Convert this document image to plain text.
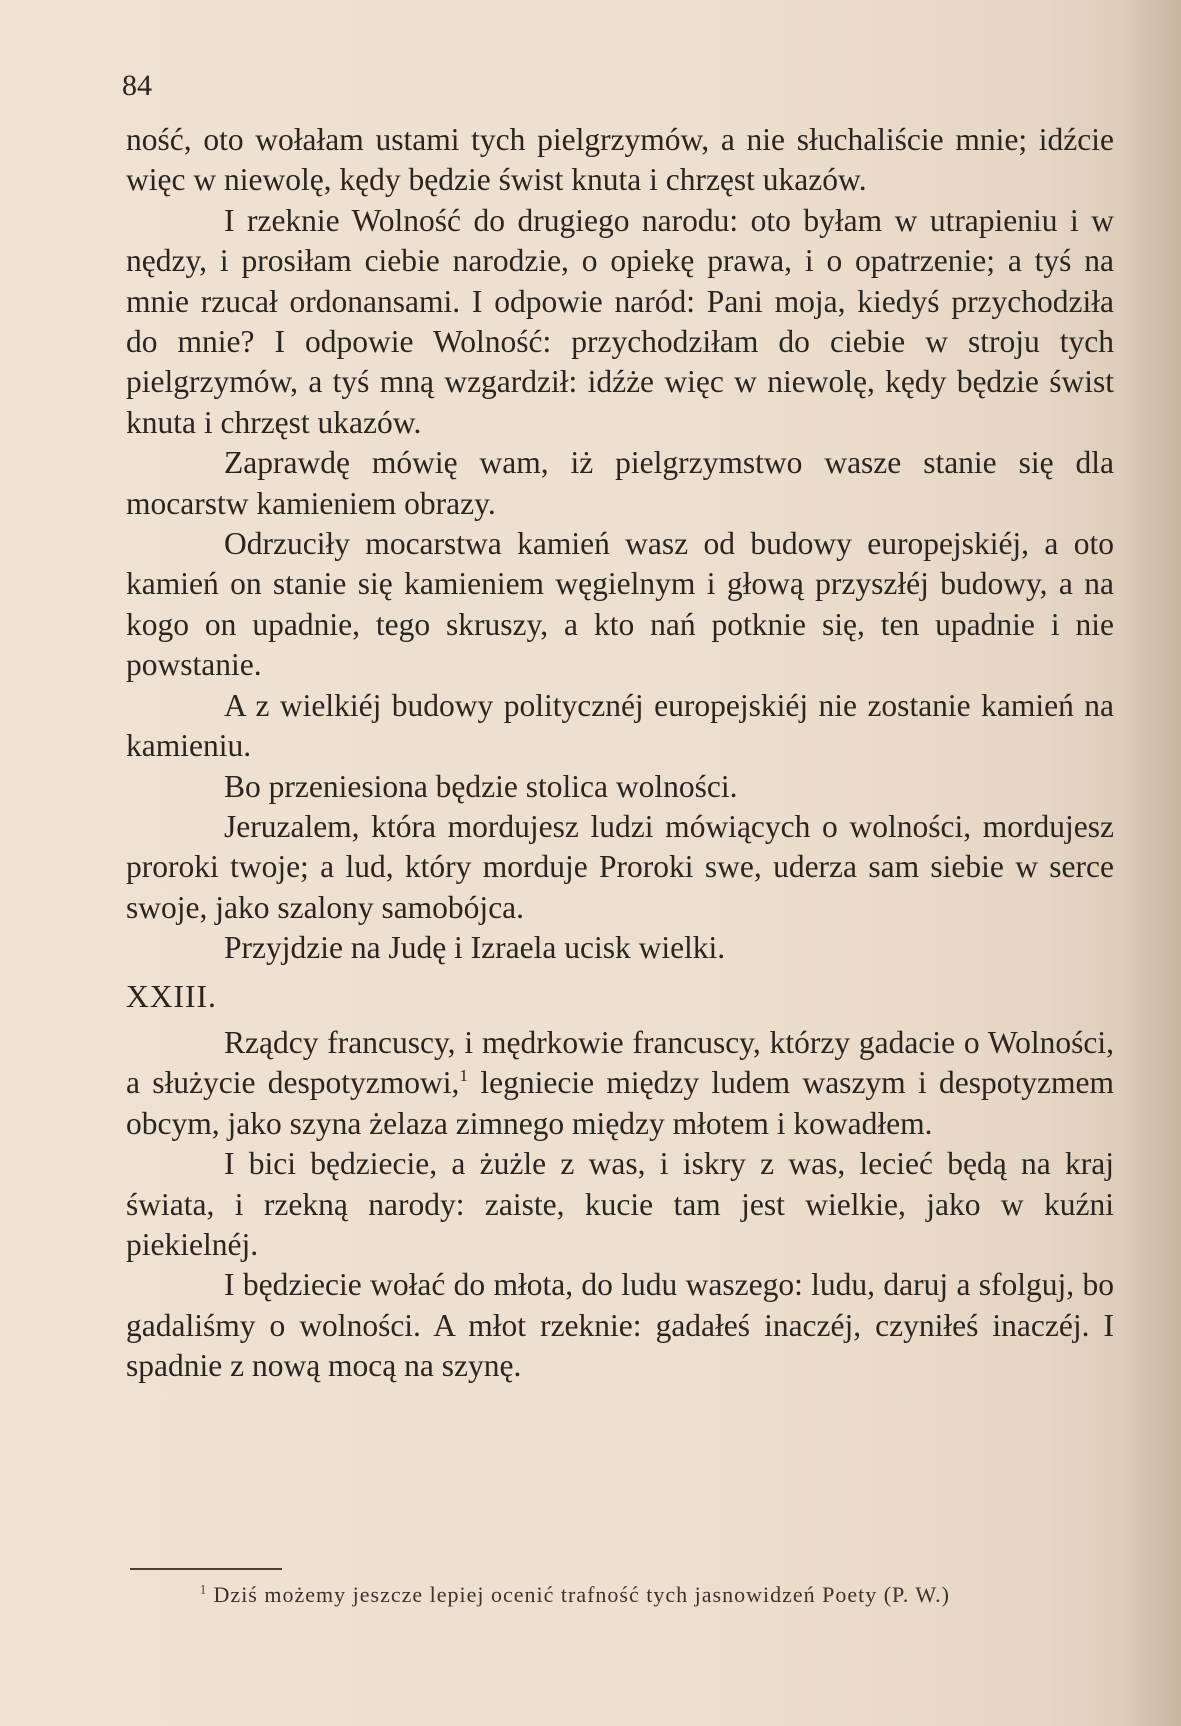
84

ność, oto wołałam ustami tych pielgrzymów, a nie słuchaliście mnie; idźcie więc w niewolę, kędy będzie świst knuta i chrzęst ukazów.

I rzeknie Wolność do drugiego narodu: oto byłam w utrapieniu i w nędzy, i prosiłam ciebie narodzie, o opiekę prawa, i o opatrzenie; a tyś na mnie rzucał ordonansami. I odpowie naród: Pani moja, kiedyś przychodziła do mnie? I odpowie Wolność: przychodziłam do ciebie w stroju tych pielgrzymów, a tyś mną wzgardził: idźże więc w niewolę, kędy będzie świst knuta i chrzęst ukazów.

Zaprawdę mówię wam, iż pielgrzymstwo wasze stanie się dla mocarstw kamieniem obrazy.

Odrzuciły mocarstwa kamień wasz od budowy europejskiéj, a oto kamień on stanie się kamieniem węgielnym i głową przyszłéj budowy, a na kogo on upadnie, tego skruszy, a kto nań potknie się, ten upadnie i nie powstanie.

A z wielkiéj budowy politycznéj europejskiéj nie zostanie kamień na kamieniu.

Bo przeniesiona będzie stolica wolności.

Jeruzalem, która mordujesz ludzi mówiących o wolności, mordujesz proroki twoje; a lud, który morduje Proroki swe, uderza sam siebie w serce swoje, jako szalony samobójca.

Przyjdzie na Judę i Izraela ucisk wielki.

XXIII.

Rządcy francuscy, i mędrkowie francuscy, którzy gadacie o Wolności, a służycie despotyzmowi,$^1$ legniecie między ludem waszym i despotyzmem obcym, jako szyna żelaza zimnego między młotem i kowadłem.

I bici będziecie, a żużle z was, i iskry z was, lecieć będą na kraj świata, i rzekną narody: zaiste, kucie tam jest wielkie, jako w kuźni piekielnéj.

I będziecie wołać do młota, do ludu waszego: ludu, daruj a sfolguj, bo gadaliśmy o wolności. A młot rzeknie: gadałeś inaczéj, czyniłeś inaczéj. I spadnie z nową mocą na szynę.

$^1$ Dziś możemy jeszcze lepiej ocenić trafność tych jasnowidzeń Poety (P. W.)
